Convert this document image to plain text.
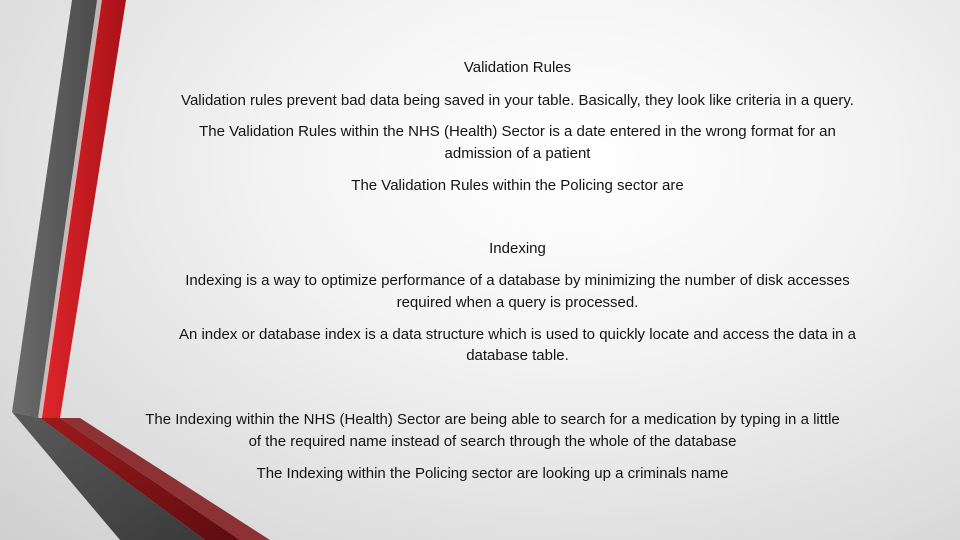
Validation Rules
Validation rules prevent bad data being saved in your table. Basically, they look like criteria in a query.
The Validation Rules within the NHS (Health) Sector is a date entered in the wrong format for an
admission of a patient
The Validation Rules within the Policing sector are
Indexing
Indexing is a way to optimize performance of a database by minimizing the number of disk accesses
required when a query is processed.
An index or database index is a data structure which is used to quickly locate and access the data in a
database table.
The Indexing within the NHS (Health) Sector are being able to search for a medication by typing in a little
of the required name instead of search through the whole of the database
The Indexing within the Policing sector are looking up a criminals name
